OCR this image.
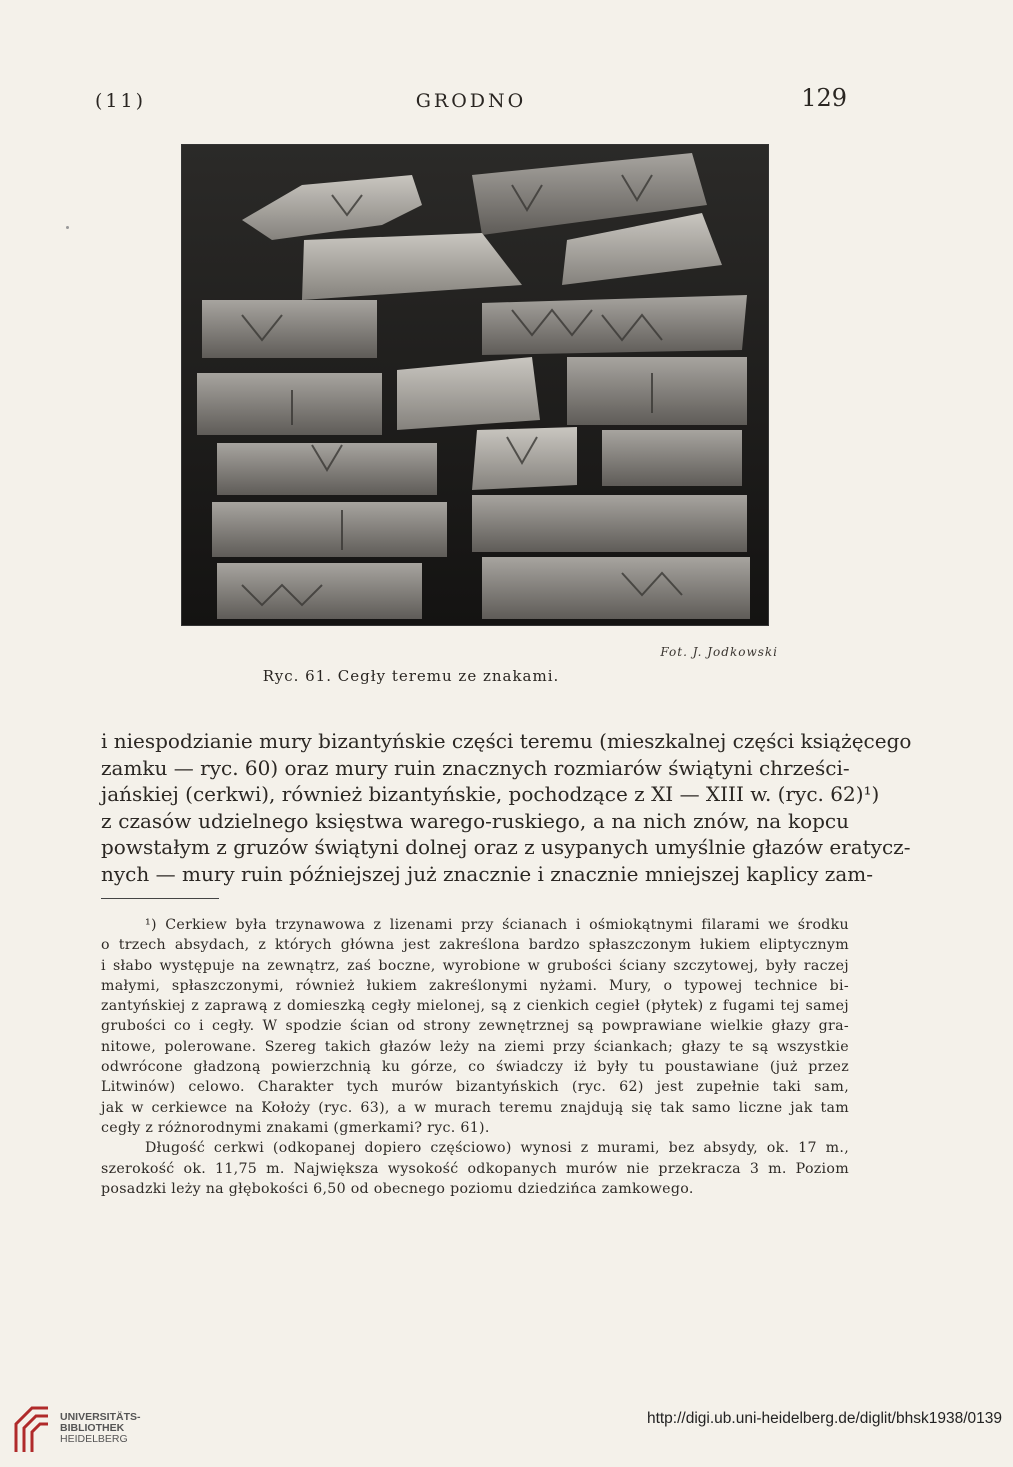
(11)	GRODNO	129
Fot. J. Jodkowski
Ryc. 61. Cegły teremu ze znakami.
i niespodzianie mury bizantyńskie części teremu (mieszkalnej części książęcego
zamku — ryc. 60) oraz mury ruin znacznych rozmiarów świątyni chrześci-
jańskiej (cerkwi), również bizantyńskie, pochodzące z XI — XIII w. (ryc. 62)¹)
z czasów udzielnego księstwa warego-ruskiego, a na nich znów, na kopcu
powstałym z gruzów świątyni dolnej oraz z usypanych umyślnie głazów eratycz-
nych — mury ruin późniejszej już znacznie i znacznie mniejszej kaplicy zam-
¹) Cerkiew była trzynawowa z lizenami przy ścianach i ośmiokątnymi filarami we środku
o trzech absydach, z których główna jest zakreślona bardzo spłaszczonym łukiem eliptycznym
i słabo występuje na zewnątrz, zaś boczne, wyrobione w grubości ściany szczytowej, były raczej
małymi, spłaszczonymi, również łukiem zakreślonymi nyżami. Mury, o typowej technice bi-
zantyńskiej z zaprawą z domieszką cegły mielonej, są z cienkich cegieł (płytek) z fugami tej samej
grubości co i cegły. W spodzie ścian od strony zewnętrznej są powprawiane wielkie głazy gra-
nitowe, polerowane. Szereg takich głazów leży na ziemi przy ściankach; głazy te są wszystkie
odwrócone gładzoną powierzchnią ku górze, co świadczy iż były tu poustawiane (już przez
Litwinów) celowo. Charakter tych murów bizantyńskich (ryc. 62) jest zupełnie taki sam,
jak w cerkiewce na Kołoży (ryc. 63), a w murach teremu znajdują się tak samo liczne jak tam
cegły z różnorodnymi znakami (gmerkami? ryc. 61).
Długość cerkwi (odkopanej dopiero częściowo) wynosi z murami, bez absydy, ok. 17 m.,
szerokość ok. 11,75 m. Największa wysokość odkopanych murów nie przekracza 3 m. Poziom
posadzki leży na głębokości 6,50 od obecnego poziomu dziedzińca zamkowego.
UNIVERSITÄTS-
BIBLIOTHEK
HEIDELBERG
http://digi.ub.uni-heidelberg.de/diglit/bhsk1938/0139
